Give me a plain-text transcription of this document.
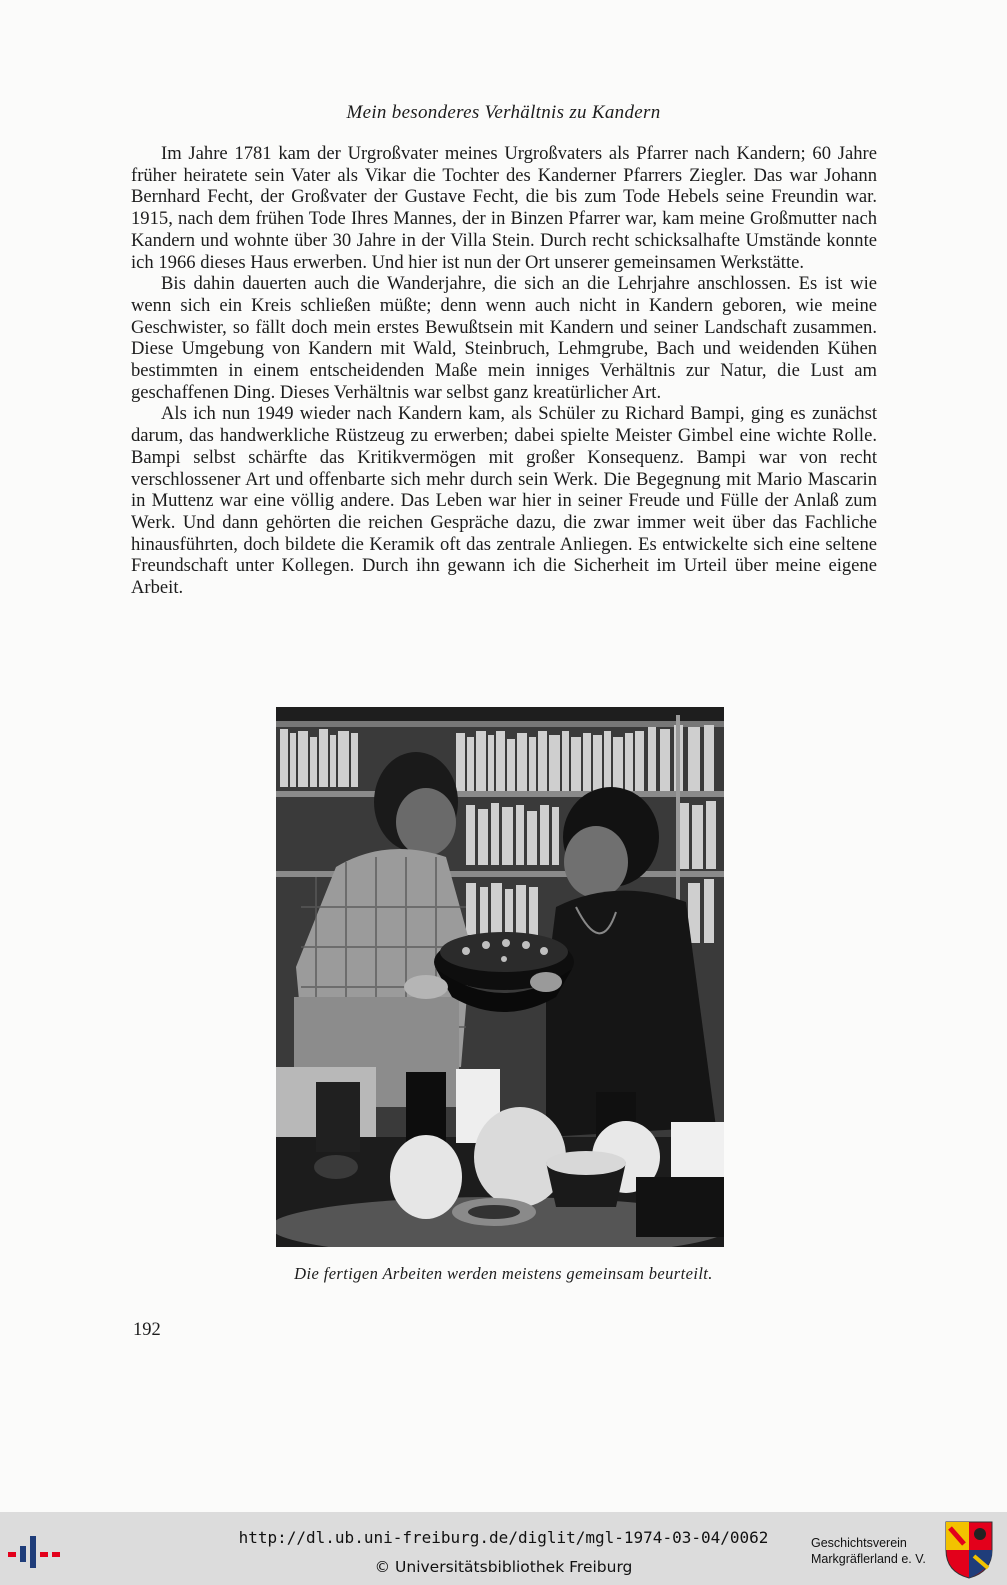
Mein besonderes Verhältnis zu Kandern

Im Jahre 1781 kam der Urgroßvater meines Urgroßvaters als Pfarrer nach Kandern; 60 Jahre früher heiratete sein Vater als Vikar die Tochter des Kanderner Pfarrers Ziegler. Das war Johann Bernhard Fecht, der Großvater der Gustave Fecht, die bis zum Tode Hebels seine Freundin war. 1915, nach dem frühen Tode Ihres Mannes, der in Binzen Pfarrer war, kam meine Großmutter nach Kandern und wohnte über 30 Jahre in der Villa Stein. Durch recht schicksalhafte Umstände konnte ich 1966 dieses Haus erwerben. Und hier ist nun der Ort unserer gemeinsamen Werkstätte.

Bis dahin dauerten auch die Wanderjahre, die sich an die Lehrjahre anschlossen. Es ist wie wenn sich ein Kreis schließen müßte; denn wenn auch nicht in Kandern geboren, wie meine Geschwister, so fällt doch mein erstes Bewußtsein mit Kandern und seiner Landschaft zusammen. Diese Umgebung von Kandern mit Wald, Steinbruch, Lehmgrube, Bach und weidenden Kühen bestimmten in einem entscheidenden Maße mein inniges Verhältnis zur Natur, die Lust am geschaffenen Ding. Dieses Verhältnis war selbst ganz kreatürlicher Art.

Als ich nun 1949 wieder nach Kandern kam, als Schüler zu Richard Bampi, ging es zunächst darum, das handwerkliche Rüstzeug zu erwerben; dabei spielte Meister Gimbel eine wichte Rolle. Bampi selbst schärfte das Kritikvermögen mit großer Konsequenz. Bampi war von recht verschlossener Art und offenbarte sich mehr durch sein Werk. Die Begegnung mit Mario Mascarin in Muttenz war eine völlig andere. Das Leben war hier in seiner Freude und Fülle der Anlaß zum Werk. Und dann gehörten die reichen Gespräche dazu, die zwar immer weit über das Fachliche hinausführten, doch bildete die Keramik oft das zentrale Anliegen. Es entwickelte sich eine seltene Freundschaft unter Kollegen. Durch ihn gewann ich die Sicherheit im Urteil über meine eigene Arbeit.

Die fertigen Arbeiten werden meistens gemeinsam beurteilt.
192
http://dl.ub.uni-freiburg.de/diglit/mgl-1974-03-04/0062
© Universitätsbibliothek Freiburg
Geschichtsverein
Markgräflerland e. V.
